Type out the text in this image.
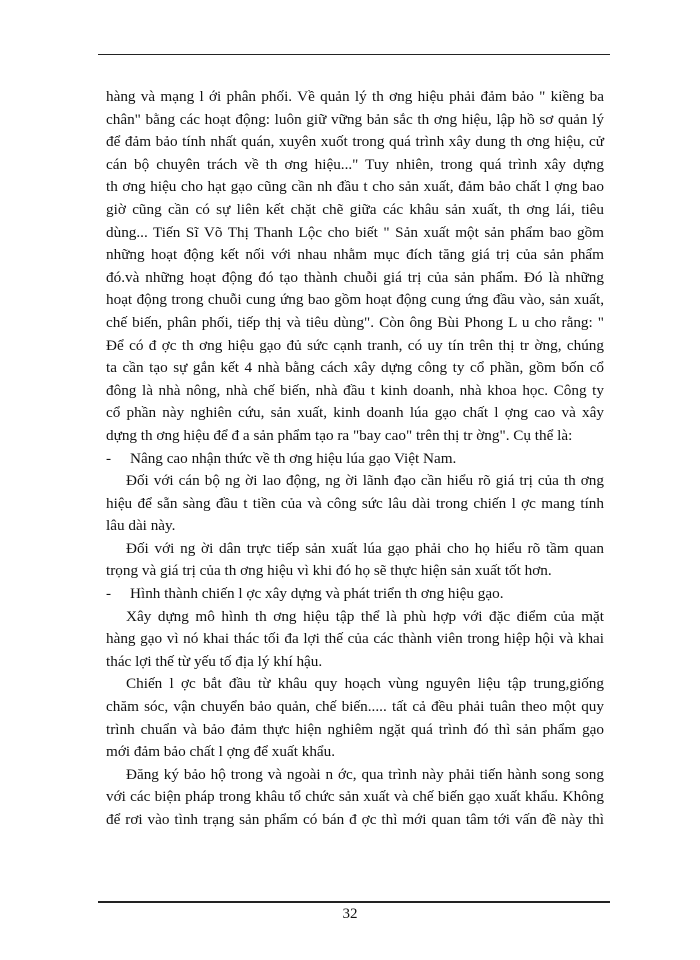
hàng và mạng l ới phân phối. Về quản lý th ơng hiệu phải đảm bảo " kiềng ba
chân" bằng các hoạt động: luôn giữ vững bản sắc th ơng hiệu, lập hồ sơ quản lý
để đảm bảo tính nhất quán, xuyên xuốt trong quá trình xây dung th ơng hiệu, cử
cán bộ chuyên trách về th ơng hiệu..." Tuy nhiên, trong quá trình xây dựng
th ơng hiệu cho hạt gạo cũng cần nh đầu t cho sản xuất, đảm bảo chất l ợng bao
giờ cũng cần có sự liên kết chặt chẽ giữa các khâu sản xuất, th ơng lái, tiêu
dùng... Tiến Sĩ Võ Thị Thanh Lộc cho biết " Sản xuất một sản phẩm bao gồm
những hoạt động kết nối với nhau nhằm mục đích tăng giá trị của sản phẩm
đó.và những hoạt động đó tạo thành chuỗi giá trị của sản phẩm. Đó là những
hoạt động trong chuỗi cung ứng bao gồm hoạt động cung ứng đầu vào, sản xuất,
chế biến, phân phối, tiếp thị và tiêu dùng". Còn ông Bùi Phong L u cho rằng: "
Để có đ ợc th ơng hiệu gạo đủ sức cạnh tranh, có uy tín trên thị tr ờng, chúng
ta cần tạo sự gắn kết 4 nhà bằng cách xây dựng công ty cổ phần, gồm bốn cổ
đông là nhà nông, nhà chế biến, nhà đầu t kinh doanh, nhà khoa học. Công ty
cổ phần này nghiên cứu, sản xuất, kinh doanh lúa gạo chất l ợng cao và xây
dựng th ơng hiệu để đ a sản phẩm tạo ra "bay cao" trên thị tr ờng". Cụ thể là:
- Nâng cao nhận thức về th ơng hiệu lúa gạo Việt Nam.
Đối với cán bộ ng ời lao động, ng ời lãnh đạo cần hiểu rõ giá trị của th ơng
hiệu để sẵn sàng đầu t tiền của và công sức lâu dài trong chiến l ợc mang tính
lâu dài này.
Đối với ng ời dân trực tiếp sản xuất lúa gạo phải cho họ hiểu rõ tầm quan
trọng và giá trị của th ơng hiệu vì khi đó họ sẽ thực hiện sản xuất tốt hơn.
- Hình thành chiến l ợc xây dựng và phát triển th ơng hiệu gạo.
Xây dựng mô hình th ơng hiệu tập thể là phù hợp với đặc điểm của mặt
hàng gạo vì nó khai thác tối đa lợi thế của các thành viên trong hiệp hội và khai
thác lợi thế từ yếu tố địa lý khí hậu.
Chiến l ợc bắt đầu từ khâu quy hoạch vùng nguyên liệu tập trung,giống
chăm sóc, vận chuyển bảo quản, chế biến..... tất cả đều phải tuân theo một quy
trình chuẩn và bảo đảm thực hiện nghiêm ngặt quá trình đó thì sản phẩm gạo
mới đảm bảo chất l ợng để xuất khẩu.
Đăng ký bảo hộ trong và ngoài n ớc, qua trình này phải tiến hành song song
với các biện pháp trong khâu tổ chức sản xuất và chế biến gạo xuất khẩu. Không
để rơi vào tình trạng sản phẩm có bán đ ợc thì mới quan tâm tới vấn đề này thì
32
